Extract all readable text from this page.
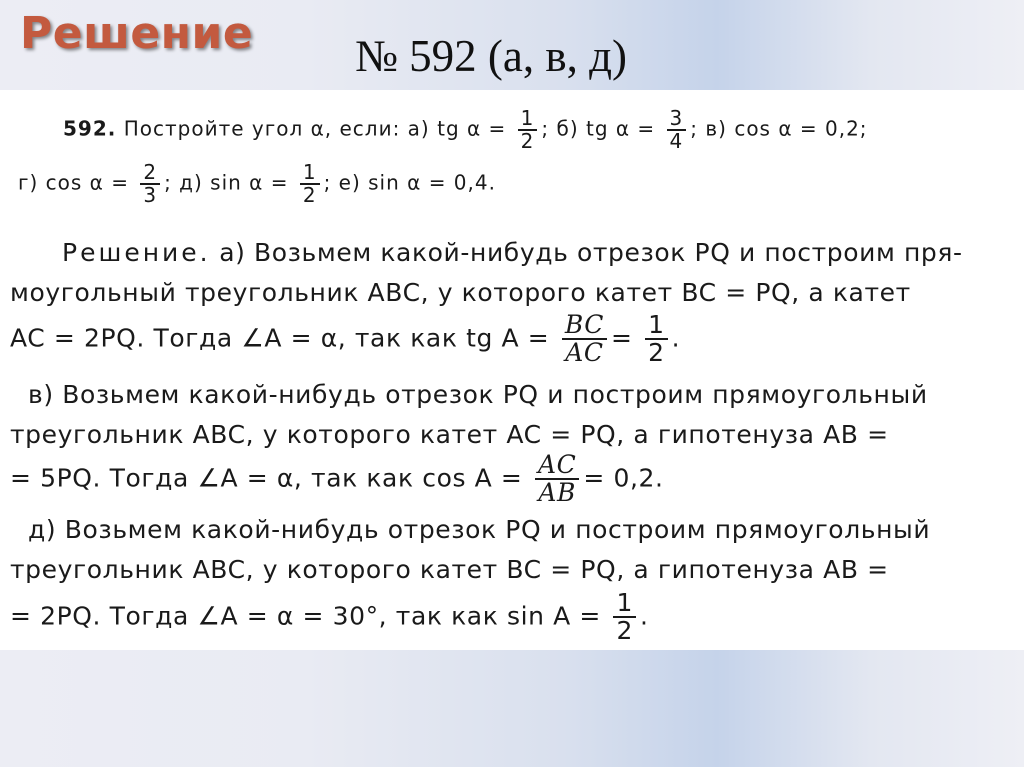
Решение № 592 (а, в, д)
592. Постройте угол α, если: а) tg $\alpha = \frac{1}{2}$ ; б) tg $\alpha = \frac{3}{4}$ ; в) cos α = 0,2;
г) $\cos \alpha = \frac{2}{3}$ ; д) $\sin \alpha = \frac{1}{2}$ ; е) sin α = 0,4.
Решение. а) Возьмем какой-нибудь отрезок PQ и построим пря-
моугольный треугольник ABC, у которого катет BC = PQ, а катет
AC = 2PQ. Тогда ∠A = α, так как tg $A = \frac{BC}{AC} = \frac{1}{2}$ .
в) Возьмем какой-нибудь отрезок PQ и построим прямоугольный
треугольник ABC, у которого катет AC = PQ, а гипотенуза AB =
= 5PQ. Тогда ∠A = α, так как $\cos A = \frac{AC}{AB} = 0,2$.
д) Возьмем какой-нибудь отрезок PQ и построим прямоугольный
треугольник ABC, у которого катет BC = PQ, а гипотенуза AB =
= 2PQ. Тогда ∠A = α = 30°, так как $\sin A = \frac{1}{2}$ .
